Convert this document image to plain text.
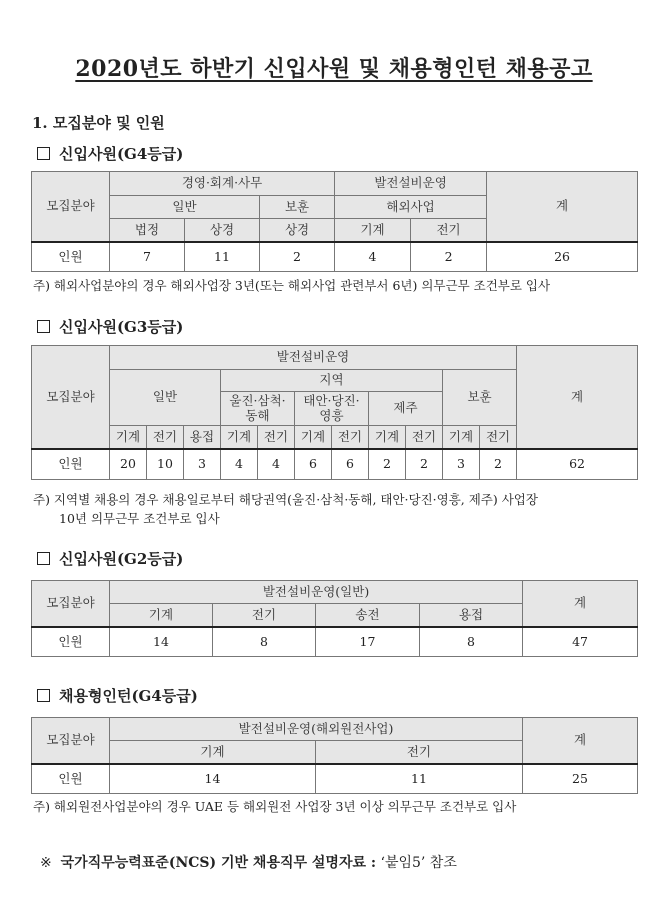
2020년도 하반기 신입사원 및 채용형인턴 채용공고
1. 모집분야 및 인원
신입사원(G4등급)
모집분야	경영·회계·사무			발전설비운영		계
	일반		보훈	해외사업		
	법정	상경	상경	기계	전기	
인원	7	11	2	4	2	26
주) 해외사업분야의 경우 해외사업장 3년(또는 해외사업 관련부서 6년) 의무근무 조건부로 입사
신입사원(G3등급)
모집분야	발전설비운영											계
	일반			지역						보훈		
				울진·삼척·동해		태안·당진·영흥		제주				
	기계	전기	용접	기계	전기	기계	전기	기계	전기	기계	전기	
인원	20	10	3	4	4	6	6	2	2	3	2	62
주) 지역별 채용의 경우 채용일로부터 해당권역(울진·삼척·동해, 태안·당진·영흥, 제주) 사업장
10년 의무근무 조건부로 입사
신입사원(G2등급)
모집분야	발전설비운영(일반)				계
	기계	전기	송전	용접	
인원	14	8	17	8	47
채용형인턴(G4등급)
모집분야	발전설비운영(해외원전사업)		계
	기계	전기	
인원	14	11	25
주) 해외원전사업분야의 경우 UAE 등 해외원전 사업장 3년 이상 의무근무 조건부로 입사
※ 국가직무능력표준(NCS) 기반 채용직무 설명자료 : ‘붙임5’ 참조
